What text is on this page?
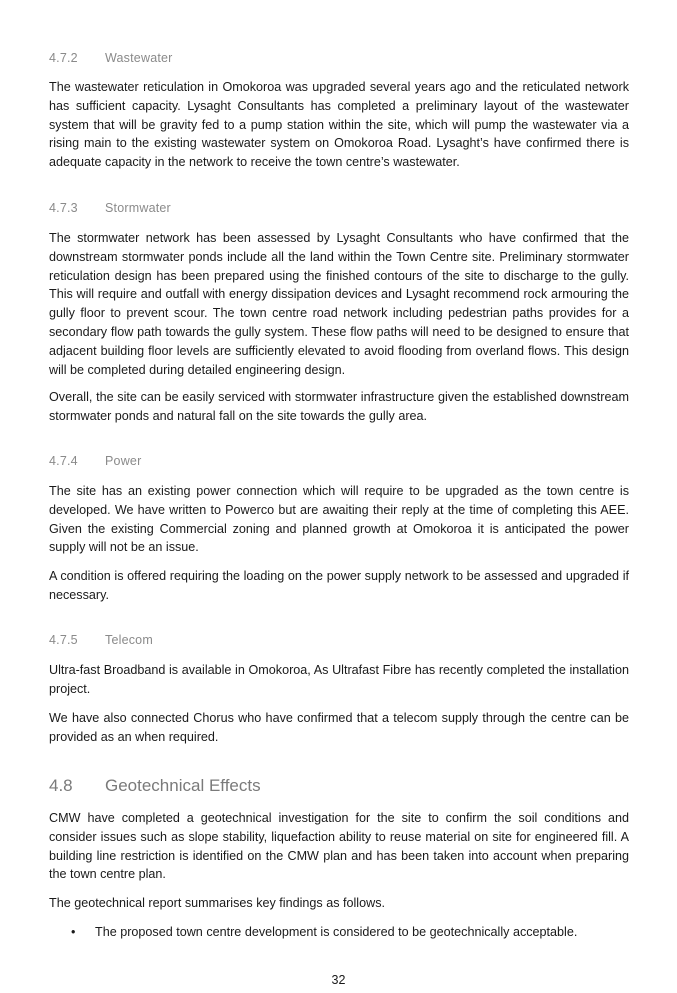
4.7.2	Wastewater

The wastewater reticulation in Omokoroa was upgraded several years ago and the reticulated network has sufficient capacity. Lysaght Consultants has completed a preliminary layout of the wastewater system that will be gravity fed to a pump station within the site, which will pump the wastewater via a rising main to the existing wastewater system on Omokoroa Road. Lysaght’s have confirmed there is adequate capacity in the network to receive the town centre’s wastewater.

4.7.3	Stormwater

The stormwater network has been assessed by Lysaght Consultants who have confirmed that the downstream stormwater ponds include all the land within the Town Centre site. Preliminary stormwater reticulation design has been prepared using the finished contours of the site to discharge to the gully. This will require and outfall with energy dissipation devices and Lysaght recommend rock armouring the gully floor to prevent scour. The town centre road network including pedestrian paths provides for a secondary flow path towards the gully system. These flow paths will need to be designed to ensure that adjacent building floor levels are sufficiently elevated to avoid flooding from overland flows. This design will be completed during detailed engineering design.

Overall, the site can be easily serviced with stormwater infrastructure given the established downstream stormwater ponds and natural fall on the site towards the gully area.

4.7.4	Power

The site has an existing power connection which will require to be upgraded as the town centre is developed. We have written to Powerco but are awaiting their reply at the time of completing this AEE. Given the existing Commercial zoning and planned growth at Omokoroa it is anticipated the power supply will not be an issue.

A condition is offered requiring the loading on the power supply network to be assessed and upgraded if necessary.

4.7.5	Telecom

Ultra-fast Broadband is available in Omokoroa, As Ultrafast Fibre has recently completed the installation project.

We have also connected Chorus who have confirmed that a telecom supply through the centre can be provided as an when required.

4.8	Geotechnical Effects

CMW have completed a geotechnical investigation for the site to confirm the soil conditions and consider issues such as slope stability, liquefaction ability to reuse material on site for engineered fill. A building line restriction is identified on the CMW plan and has been taken into account when preparing the town centre plan.

The geotechnical report summarises key findings as follows.

•	The proposed town centre development is considered to be geotechnically acceptable.
32
